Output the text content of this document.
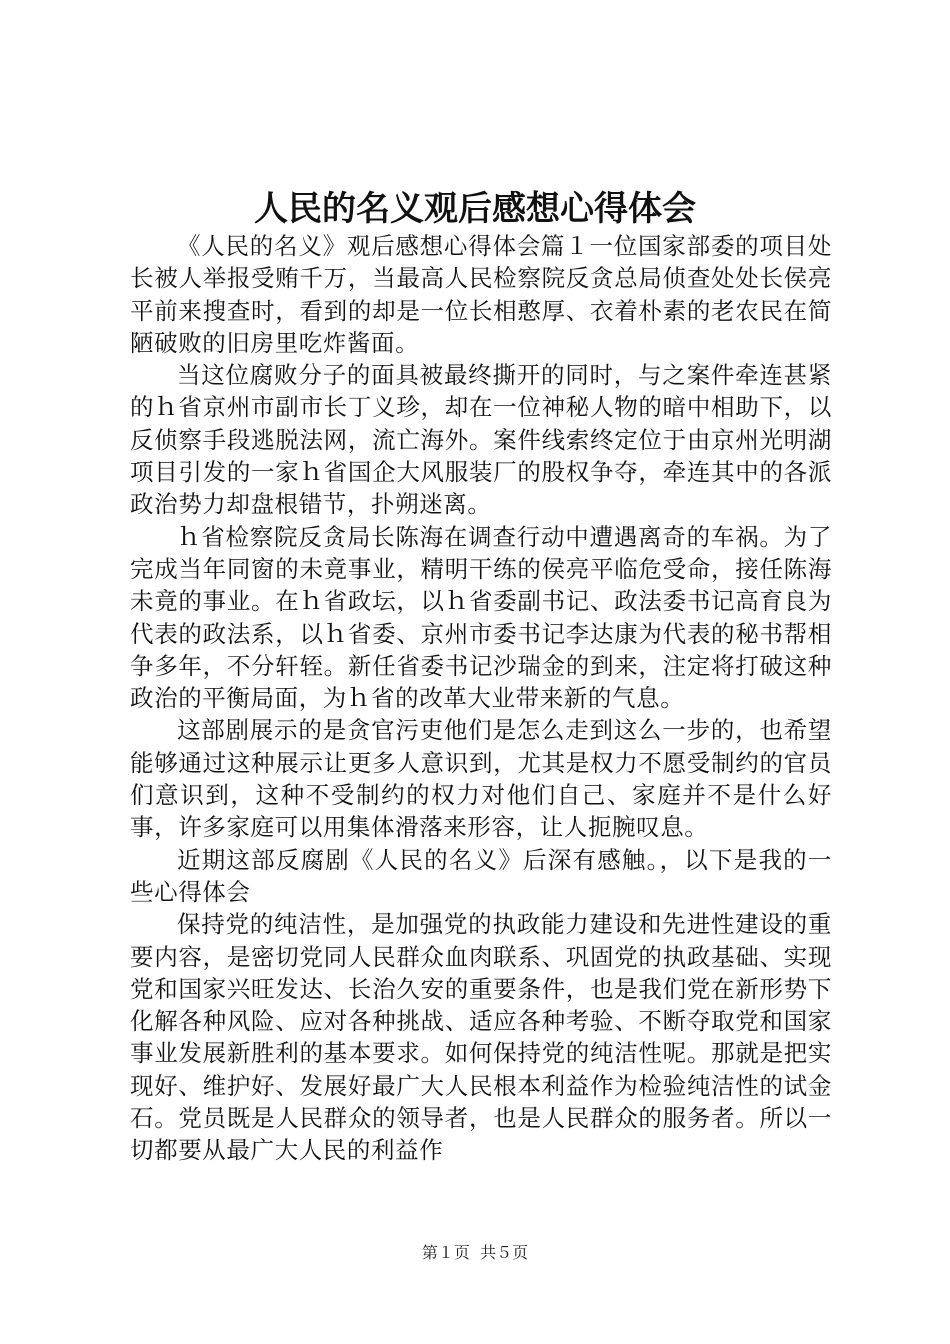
人民的名义观后感想心得体会

《人民的名义》观后感想心得体会篇１一位国家部委的项目处长被人举报受贿千万，当最高人民检察院反贪总局侦查处处长侯亮平前来搜查时，看到的却是一位长相憨厚、衣着朴素的老农民在简陋破败的旧房里吃炸酱面。

当这位腐败分子的面具被最终撕开的同时，与之案件牵连甚紧的ｈ省京州市副市长丁义珍，却在一位神秘人物的暗中相助下，以反侦察手段逃脱法网，流亡海外。案件线索终定位于由京州光明湖项目引发的一家ｈ省国企大风服装厂的股权争夺，牵连其中的各派政治势力却盘根错节，扑朔迷离。

ｈ省检察院反贪局长陈海在调查行动中遭遇离奇的车祸。为了完成当年同窗的未竟事业，精明干练的侯亮平临危受命，接任陈海未竟的事业。在ｈ省政坛，以ｈ省委副书记、政法委书记高育良为代表的政法系，以ｈ省委、京州市委书记李达康为代表的秘书帮相争多年，不分轩轾。新任省委书记沙瑞金的到来，注定将打破这种政治的平衡局面，为ｈ省的改革大业带来新的气息。

这部剧展示的是贪官污吏他们是怎么走到这么一步的，也希望能够通过这种展示让更多人意识到，尤其是权力不愿受制约的官员们意识到，这种不受制约的权力对他们自己、家庭并不是什么好事，许多家庭可以用集体滑落来形容，让人扼腕叹息。

近期这部反腐剧《人民的名义》后深有感触。，以下是我的一些心得体会

保持党的纯洁性，是加强党的执政能力建设和先进性建设的重要内容，是密切党同人民群众血肉联系、巩固党的执政基础、实现党和国家兴旺发达、长治久安的重要条件，也是我们党在新形势下化解各种风险、应对各种挑战、适应各种考验、不断夺取党和国家事业发展新胜利的基本要求。如何保持党的纯洁性呢。那就是把实现好、维护好、发展好最广大人民根本利益作为检验纯洁性的试金石。党员既是人民群众的领导者，也是人民群众的服务者。所以一切都要从最广大人民的利益作

第１页 共５页
